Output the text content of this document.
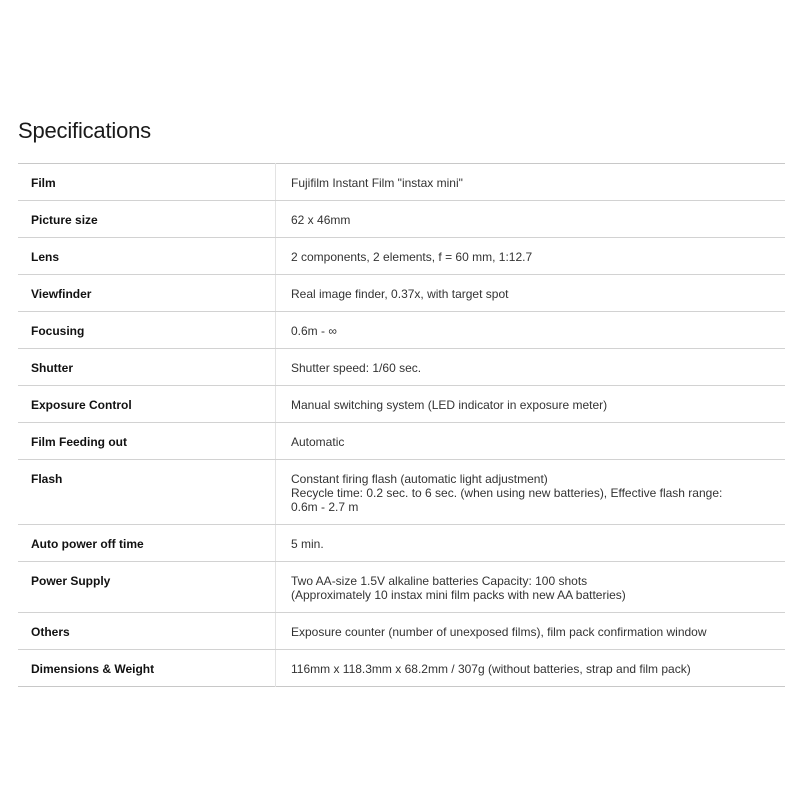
Specifications
Film	Fujifilm Instant Film "instax mini"
Picture size	62 x 46mm
Lens	2 components, 2 elements, f = 60 mm, 1:12.7
Viewfinder	Real image finder, 0.37x, with target spot
Focusing	0.6m - ∞
Shutter	Shutter speed: 1/60 sec.
Exposure Control	Manual switching system (LED indicator in exposure meter)
Film Feeding out	Automatic
Flash	Constant firing flash (automatic light adjustment)
Recycle time: 0.2 sec. to 6 sec. (when using new batteries), Effective flash range:
0.6m - 2.7 m
Auto power off time	5 min.
Power Supply	Two AA-size 1.5V alkaline batteries Capacity: 100 shots
(Approximately 10 instax mini film packs with new AA batteries)
Others	Exposure counter (number of unexposed films), film pack confirmation window
Dimensions & Weight	116mm x 118.3mm x 68.2mm / 307g (without batteries, strap and film pack)
